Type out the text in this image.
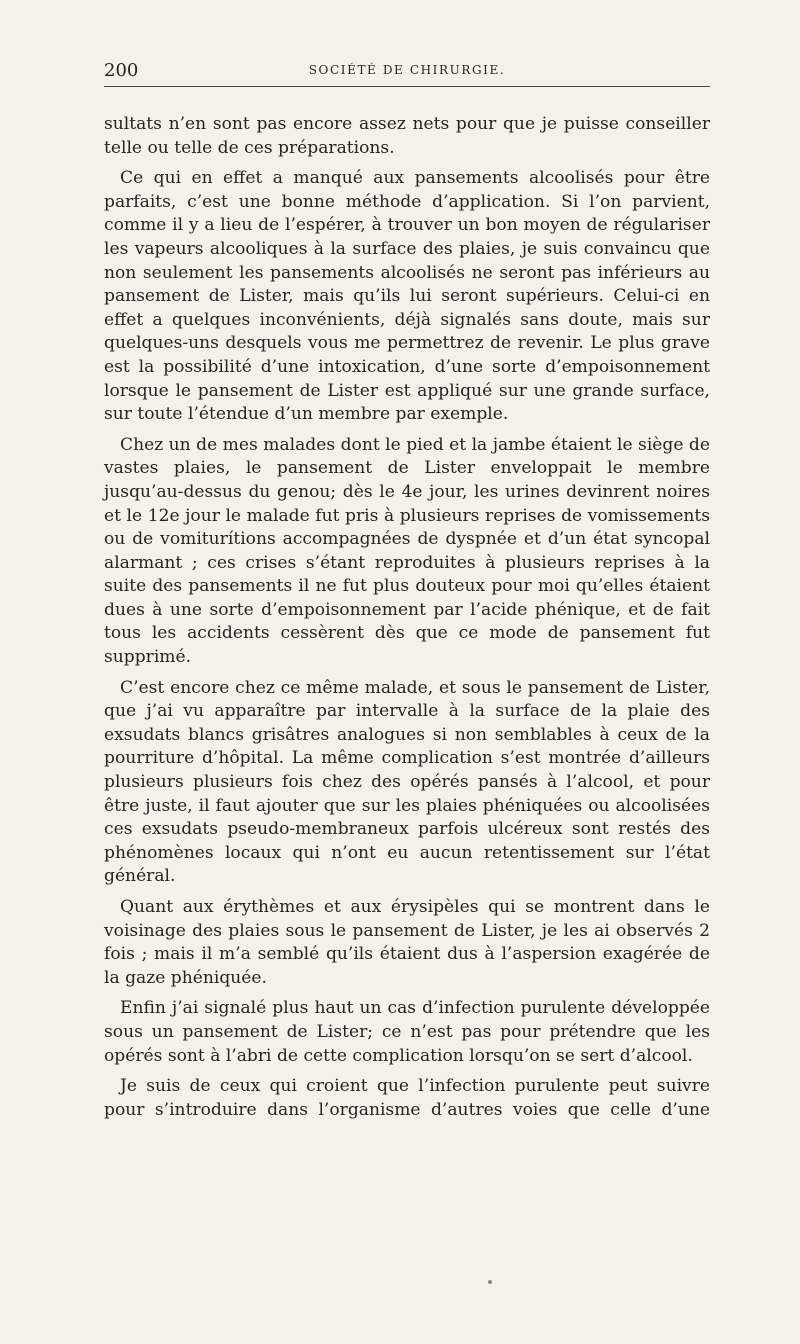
200	SOCIÉTÉ DE CHIRURGIE.

sultats n’en sont pas encore assez nets pour que je puisse conseiller telle ou telle de ces préparations.

Ce qui en effet a manqué aux pansements alcoolisés pour être parfaits, c’est une bonne méthode d’application. Si l’on parvient, comme il y a lieu de l’espérer, à trouver un bon moyen de régulariser les vapeurs alcooliques à la surface des plaies, je suis convaincu que non seulement les pansements alcoolisés ne seront pas inférieurs au pansement de Lister, mais qu’ils lui seront supérieurs. Celui-ci en effet a quelques inconvénients, déjà signalés sans doute, mais sur quelques-uns desquels vous me permettrez de revenir. Le plus grave est la possibilité d’une intoxication, d’une sorte d’empoisonnement lorsque le pansement de Lister est appliqué sur une grande surface, sur toute l’étendue d’un membre par exemple.

Chez un de mes malades dont le pied et la jambe étaient le siège de vastes plaies, le pansement de Lister enveloppait le membre jusqu’au-dessus du genou; dès le 4e jour, les urines devinrent noires et le 12e jour le malade fut pris à plusieurs reprises de vomissements ou de vomiturítions accompagnées de dyspnée et d’un état syncopal alarmant ; ces crises s’étant reproduites à plusieurs reprises à la suite des pansements il ne fut plus douteux pour moi qu’elles étaient dues à une sorte d’empoisonnement par l’acide phénique, et de fait tous les accidents cessèrent dès que ce mode de pansement fut supprimé.

C’est encore chez ce même malade, et sous le pansement de Lister, que j’ai vu apparaître par intervalle à la surface de la plaie des exsudats blancs grisâtres analogues si non semblables à ceux de la pourriture d’hôpital. La même complication s’est montrée d’ailleurs plusieurs plusieurs fois chez des opérés pansés à l’alcool, et pour être juste, il faut ajouter que sur les plaies phéniquées ou alcoolisées ces exsudats pseudo-membraneux parfois ulcéreux sont restés des phénomènes locaux qui n’ont eu aucun retentissement sur l’état général.

Quant aux érythèmes et aux érysipèles qui se montrent dans le voisinage des plaies sous le pansement de Lister, je les ai observés 2 fois ; mais il m’a semblé qu’ils étaient dus à l’aspersion exagérée de la gaze phéniquée.

Enfin j’ai signalé plus haut un cas d’infection purulente développée sous un pansement de Lister; ce n’est pas pour prétendre que les opérés sont à l’abri de cette complication lorsqu’on se sert d’alcool.

Je suis de ceux qui croient que l’infection purulente peut suivre pour s’introduire dans l’organisme d’autres voies que celle d’une
